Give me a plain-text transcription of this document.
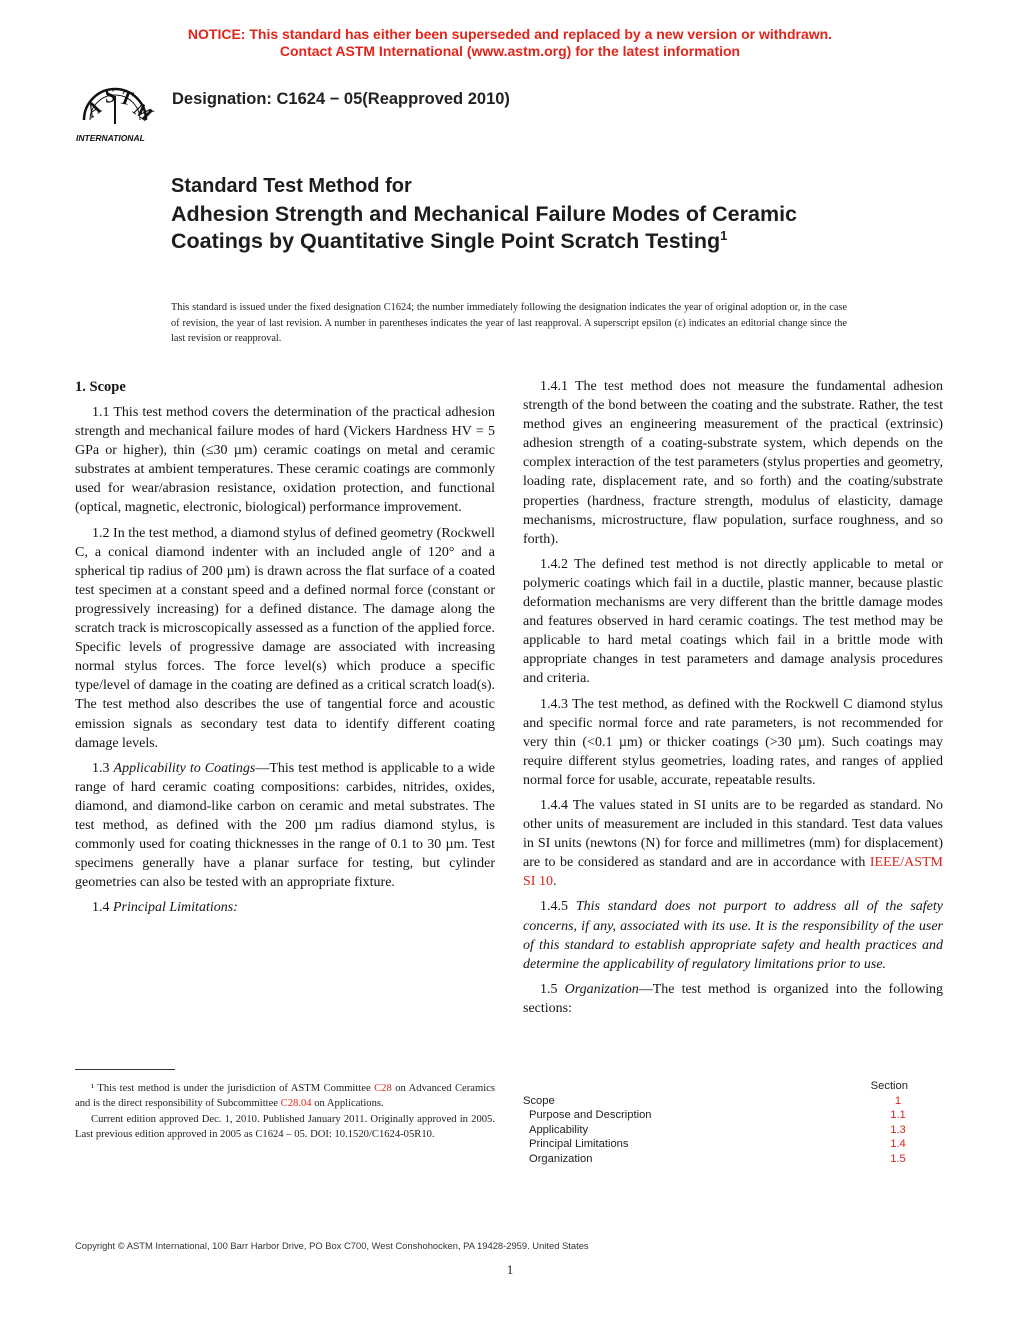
NOTICE: This standard has either been superseded and replaced by a new version or withdrawn.
Contact ASTM International (www.astm.org) for the latest information
A
S T
M
INTERNATIONAL
Designation: C1624 − 05(Reapproved 2010)
Standard Test Method for
Adhesion Strength and Mechanical Failure Modes of Ceramic Coatings by Quantitative Single Point Scratch Testing$^1$
This standard is issued under the fixed designation C1624; the number immediately following the designation indicates the year of original adoption or, in the case of revision, the year of last revision. A number in parentheses indicates the year of last reapproval. A superscript epsilon (ε) indicates an editorial change since the last revision or reapproval.
1. Scope

1.1 This test method covers the determination of the practical adhesion strength and mechanical failure modes of hard (Vickers Hardness HV = 5 GPa or higher), thin (≤30 µm) ceramic coatings on metal and ceramic substrates at ambient temperatures. These ceramic coatings are commonly used for wear/abrasion resistance, oxidation protection, and functional (optical, magnetic, electronic, biological) performance improvement.

1.2 In the test method, a diamond stylus of defined geometry (Rockwell C, a conical diamond indenter with an included angle of 120° and a spherical tip radius of 200 µm) is drawn across the flat surface of a coated test specimen at a constant speed and a defined normal force (constant or progressively increasing) for a defined distance. The damage along the scratch track is microscopically assessed as a function of the applied force. Specific levels of progressive damage are associated with increasing normal stylus forces. The force level(s) which produce a specific type/level of damage in the coating are defined as a critical scratch load(s). The test method also describes the use of tangential force and acoustic emission signals as secondary test data to identify different coating damage levels.

1.3 Applicability to Coatings—This test method is applicable to a wide range of hard ceramic coating compositions: carbides, nitrides, oxides, diamond, and diamond-like carbon on ceramic and metal substrates. The test method, as defined with the 200 µm radius diamond stylus, is commonly used for coating thicknesses in the range of 0.1 to 30 µm. Test specimens generally have a planar surface for testing, but cylinder geometries can also be tested with an appropriate fixture.

1.4 Principal Limitations:

1.4.1 The test method does not measure the fundamental adhesion strength of the bond between the coating and the substrate. Rather, the test method gives an engineering measurement of the practical (extrinsic) adhesion strength of a coating-substrate system, which depends on the complex interaction of the test parameters (stylus properties and geometry, loading rate, displacement rate, and so forth) and the coating/substrate properties (hardness, fracture strength, modulus of elasticity, damage mechanisms, microstructure, flaw population, surface roughness, and so forth).

1.4.2 The defined test method is not directly applicable to metal or polymeric coatings which fail in a ductile, plastic manner, because plastic deformation mechanisms are very different than the brittle damage modes and features observed in hard ceramic coatings. The test method may be applicable to hard metal coatings which fail in a brittle mode with appropriate changes in test parameters and damage analysis procedures and criteria.

1.4.3 The test method, as defined with the Rockwell C diamond stylus and specific normal force and rate parameters, is not recommended for very thin (<0.1 µm) or thicker coatings (>30 µm). Such coatings may require different stylus geometries, loading rates, and ranges of applied normal force for usable, accurate, repeatable results.

1.4.4 The values stated in SI units are to be regarded as standard. No other units of measurement are included in this standard. Test data values in SI units (newtons (N) for force and millimetres (mm) for displacement) are to be considered as standard and are in accordance with IEEE/ASTM SI 10.

1.4.5 This standard does not purport to address all of the safety concerns, if any, associated with its use. It is the responsibility of the user of this standard to establish appropriate safety and health practices and determine the applicability of regulatory limitations prior to use.

1.5 Organization—The test method is organized into the following sections:

Section
Scope	1
Purpose and Description	1.1
Applicability	1.3
Principal Limitations	1.4
Organization	1.5

¹ This test method is under the jurisdiction of ASTM Committee C28 on Advanced Ceramics and is the direct responsibility of Subcommittee C28.04 on Applications.

Current edition approved Dec. 1, 2010. Published January 2011. Originally approved in 2005. Last previous edition approved in 2005 as C1624 – 05. DOI: 10.1520/C1624-05R10.

Copyright © ASTM International, 100 Barr Harbor Drive, PO Box C700, West Conshohocken, PA 19428-2959. United States
1
